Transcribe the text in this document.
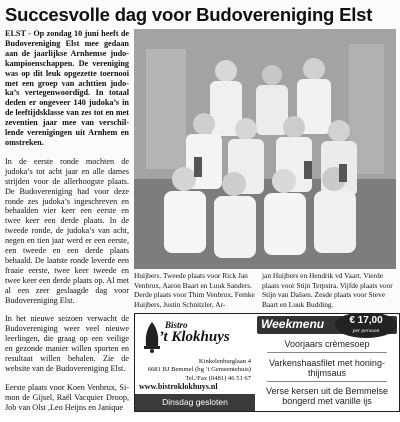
Succesvolle dag voor Budovereniging Elst

ELST - Op zondag 10 juni heeft de Budovereniging Elst mee gedaan aan de jaarlijkse Arnhemse judokampioenschappen. De vereniging was op dit leuk opgezette toernooi met een groep van achttien judoka’s vertegenwoordigd. In totaal deden er ongeveer 140 judoka’s in de leeftijdsklasse van zes tot en met zeventien jaar mee van verschillende verenigingen uit Arnhem en omstreken.

In de eerste ronde mochten de judoka’s tot acht jaar en alle dames strijden voor de allerhoogste plaats. De Budovereniging had voor deze ronde zes judoka’s ingeschreven en behaalden vier keer een eerste en twee keer een derde plaats. In de tweede ronde, de judoka’s van acht, negen en tien jaar werd er een eerste, een tweede en een derde plaats behaald. De laatste ronde leverde een fraaie eerste, twee keer tweede en twee keer een derde plaats op. Al met al een zeer geslaagde dag voor Budovereniging Elst.

In het nieuwe seizoen verwacht de Budovereniging weer veel nieuwe leerlingen, die graag op een veilige en gezonde manier willen sporten en resultaat willen behalen. Zie de website van de Budovereniging Elst.

Eerste plaats voor Koen Venbrux, Simon de Gijsel, Raël Vacquier Droop, Job van Olst ,Leo Heijns en Janique

Huijbers. Tweede plaats voor Rick Jan Venbrux, Aaron Baart en Luuk Sanders. Derde plaats voor Thim Venbrux, Femke Huijbers, Justin Schnitzler, Ar-
jan Huijbers en Hendrik vd Vaart. Vierde plaats voor Stijn Terpstra. Vijfde plaats voor Stijn van Dalsen. Zesde plaats voor Steve Baart en Luuk Budding.
Bistro
’t Klokhuys
Kinkelenburglaan 4
6681 BJ Bemmel (bg ’t Gemeentehuis)
Tel./Fax (0481) 46 51 67
www.bistroklokhuys.nl
Dinsdag gesloten
Weekmenu	€ 17,00
per persoon
Voorjaars crèmesoep
Varkenshaasfilet met honing-thijmsaus
Verse kersen uit de Bemmelse bongerd met vanille ijs
